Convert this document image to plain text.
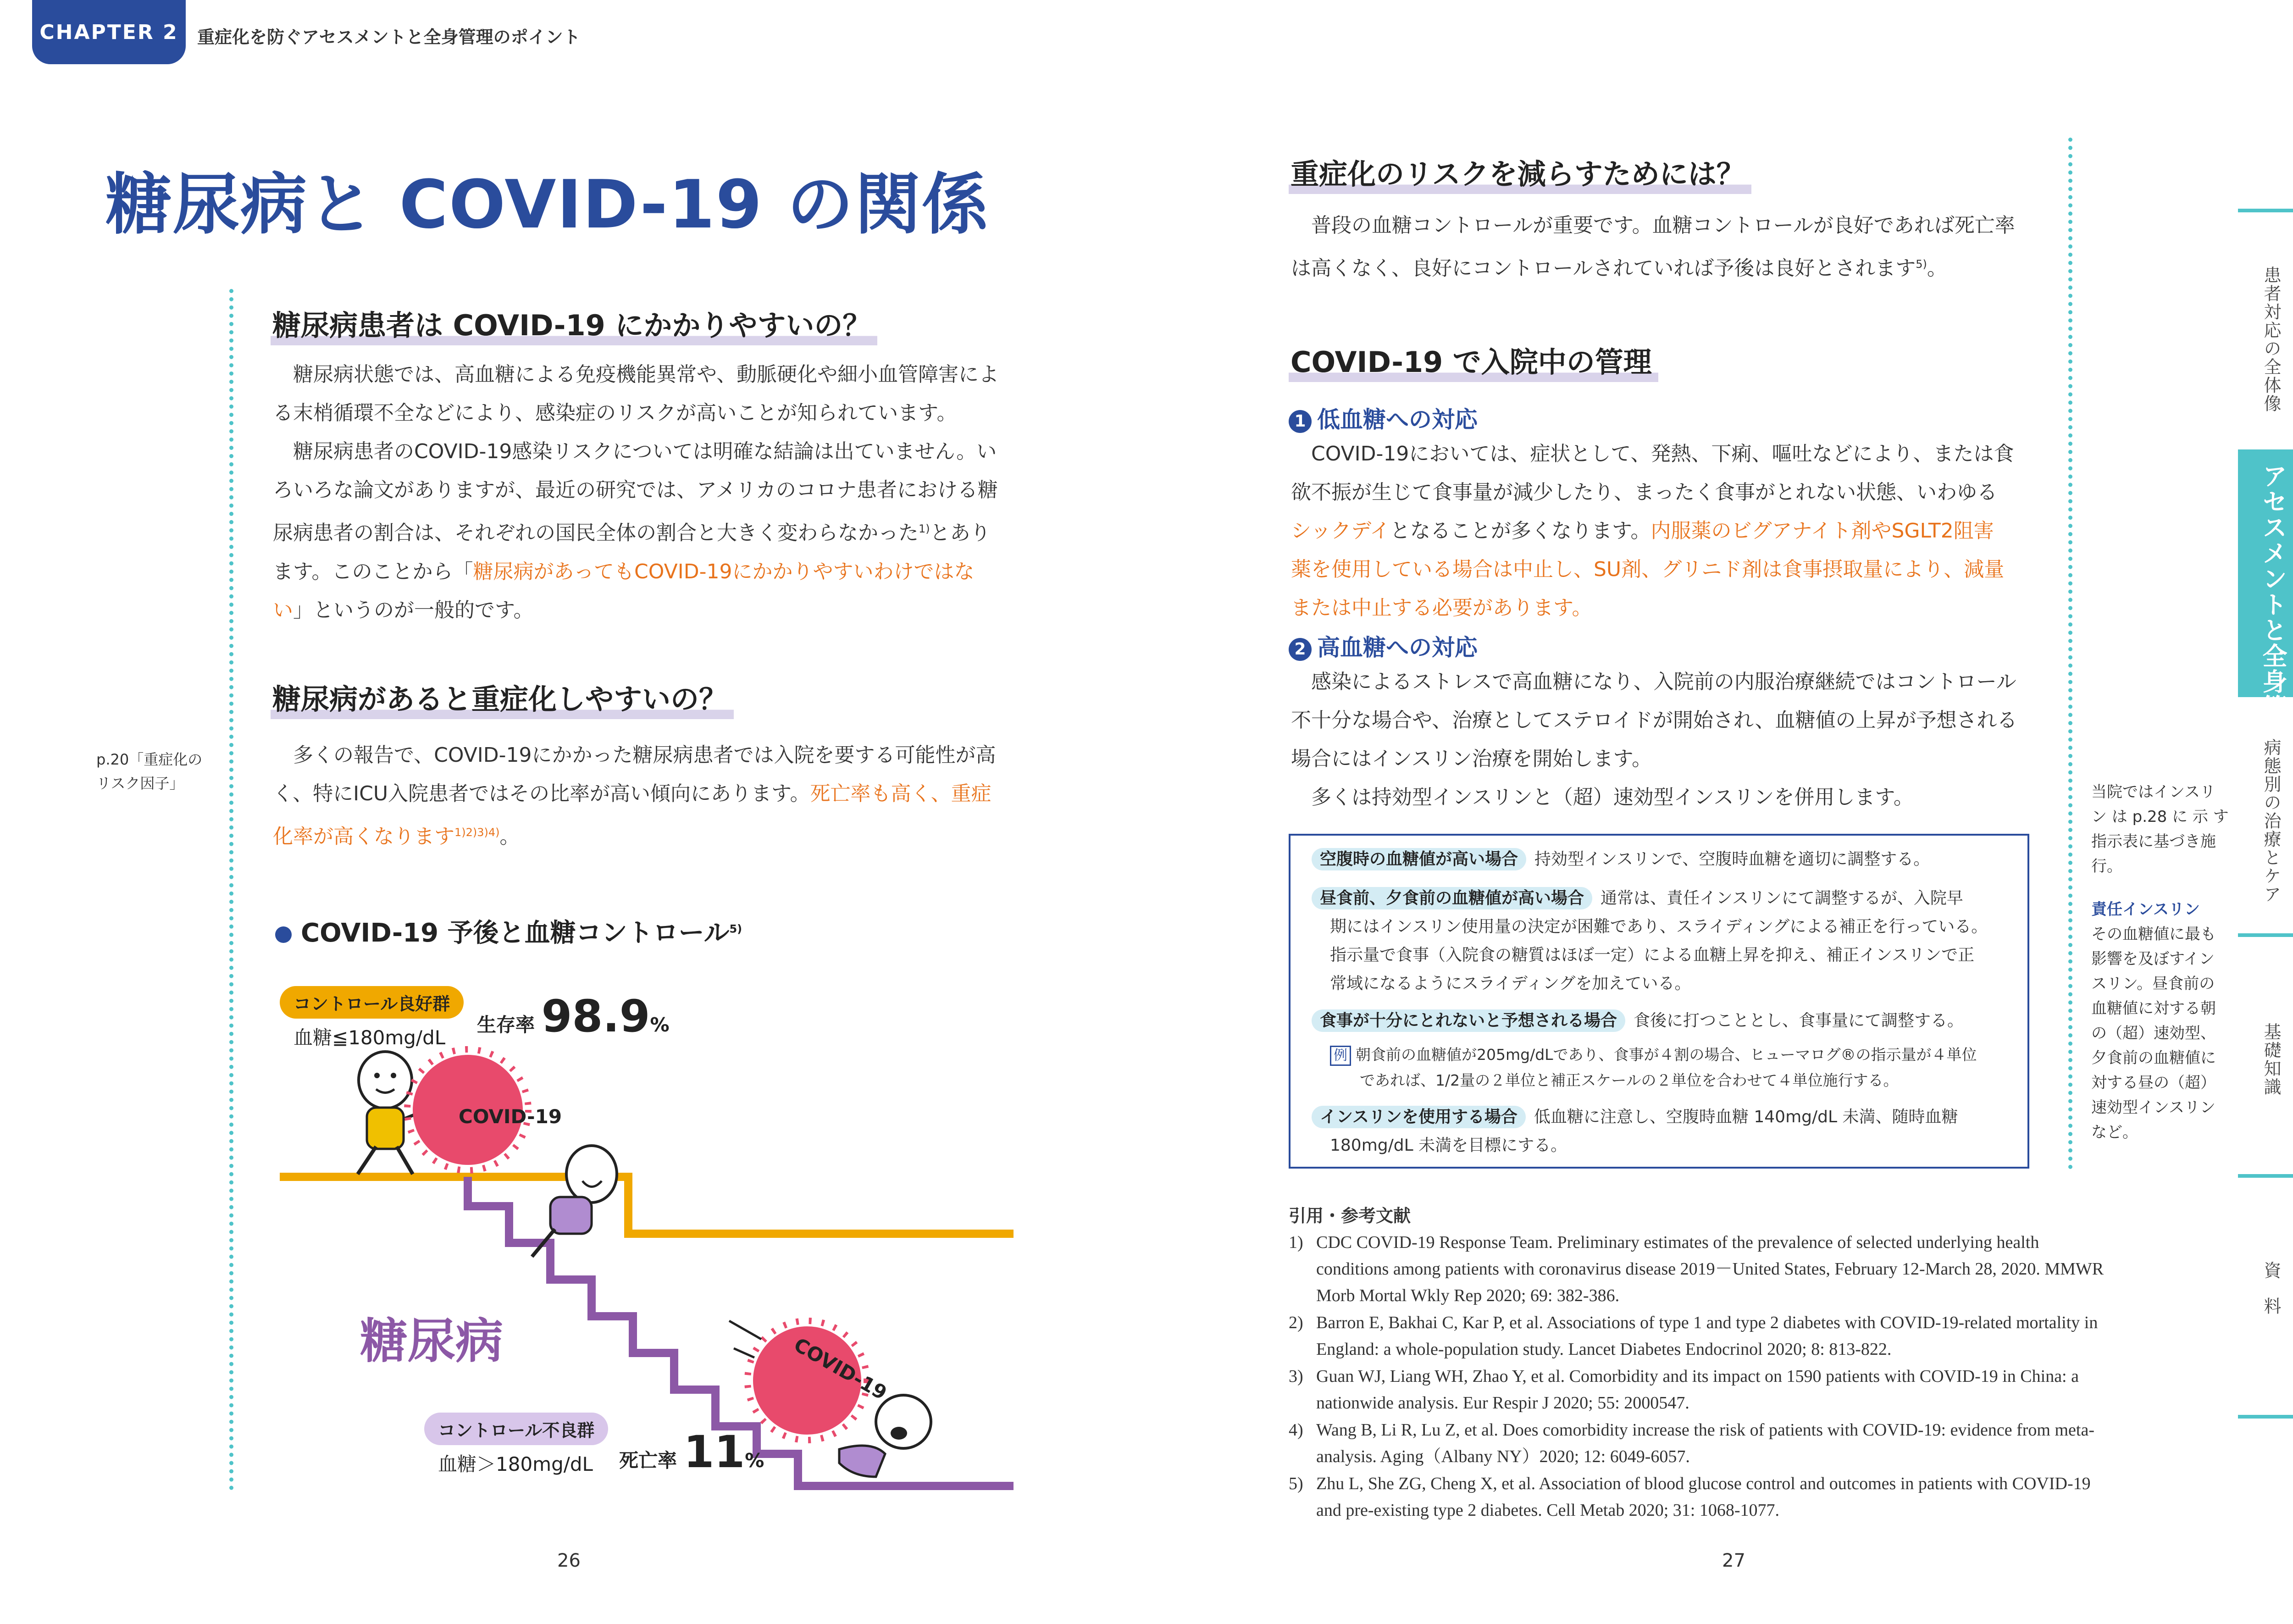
CHAPTER 2	重症化を防ぐアセスメントと全身管理のポイント
糖尿病と COVID-19 の関係
糖尿病患者は COVID-19 にかかりやすいの？
糖尿病状態では、高血糖による免疫機能異常や、動脈硬化や細小血管障害によ
る末梢循環不全などにより、感染症のリスクが高いことが知られています。
糖尿病患者のCOVID-19感染リスクについては明確な結論は出ていません。い
ろいろな論文がありますが、最近の研究では、アメリカのコロナ患者における糖
尿病患者の割合は、それぞれの国民全体の割合と大きく変わらなかった$^{1)}$とあり
ます。このことから「糖尿病があってもCOVID-19にかかりやすいわけではな
い」というのが一般的です。
糖尿病があると重症化しやすいの？
p.20「重症化のリスク因子」
多くの報告で、COVID-19にかかった糖尿病患者では入院を要する可能性が高
く、特にICU入院患者ではその比率が高い傾向にあります。死亡率も高く、重症
化率が高くなります$^{1)2)3)4)}$。
COVID-19 予後と血糖コントロール$^{5)}$
COVID-19
COVID-19
コントロール良好群
血糖≦180mg/dL
生存率 98.9%
糖尿病
コントロール不良群
血糖＞180mg/dL 死亡率 11%
26
重症化のリスクを減らすためには？
普段の血糖コントロールが重要です。血糖コントロールが良好であれば死亡率
は高くなく、良好にコントロールされていれば予後は良好とされます$^{5)}$。
COVID-19 で入院中の管理
1 低血糖への対応
COVID-19においては、症状として、発熱、下痢、嘔吐などにより、または食
欲不振が生じて食事量が減少したり、まったく食事がとれない状態、いわゆる
シックデイとなることが多くなります。内服薬のビグアナイト剤やSGLT2阻害
薬を使用している場合は中止し、SU剤、グリニド剤は食事摂取量により、減量
または中止する必要があります。
2 高血糖への対応
感染によるストレスで高血糖になり、入院前の内服治療継続ではコントロール
不十分な場合や、治療としてステロイドが開始され、血糖値の上昇が予想される
場合にはインスリン治療を開始します。
多くは持効型インスリンと（超）速効型インスリンを併用します。
空腹時の血糖値が高い場合 持効型インスリンで、空腹時血糖を適切に調整する。
昼食前、夕食前の血糖値が高い場合 通常は、責任インスリンにて調整するが、入院早
期にはインスリン使用量の決定が困難であり、スライディングによる補正を行っている。
指示量で食事（入院食の糖質はほぼ一定）による血糖上昇を抑え、補正インスリンで正
常域になるようにスライディングを加えている。
食事が十分にとれないと予想される場合 食後に打つこととし、食事量にて調整する。
例 朝食前の血糖値が205mg/dLであり、食事が４割の場合、ヒューマログ®の指示量が４単位
であれば、1/2量の２単位と補正スケールの２単位を合わせて４単位施行する。
インスリンを使用する場合 低血糖に注意し、空腹時血糖 140mg/dL 未満、随時血糖
180mg/dL 未満を目標にする。
引用・参考文献
1) CDC COVID-19 Response Team. Preliminary estimates of the prevalence of selected underlying health
conditions among patients with coronavirus disease 2019－United States, February 12-March 28, 2020. MMWR
Morb Mortal Wkly Rep 2020; 69: 382-386.
2) Barron E, Bakhai C, Kar P, et al. Associations of type 1 and type 2 diabetes with COVID-19-related mortality in
England: a whole-population study. Lancet Diabetes Endocrinol 2020; 8: 813-822.
3) Guan WJ, Liang WH, Zhao Y, et al. Comorbidity and its impact on 1590 patients with COVID-19 in China: a
nationwide analysis. Eur Respir J 2020; 55: 2000547.
4) Wang B, Li R, Lu Z, et al. Does comorbidity increase the risk of patients with COVID-19: evidence from meta-
analysis. Aging（Albany NY）2020; 12: 6049-6057.
5) Zhu L, She ZG, Cheng X, et al. Association of blood glucose control and outcomes in patients with COVID-19
and pre-existing type 2 diabetes. Cell Metab 2020; 31: 1068-1077.
27
当院ではインスリ
ン は p.28 に 示 す
指示表に基づき施
行。
責任インスリン
その血糖値に最も
影響を及ぼすイン
スリン。昼食前の
血糖値に対する朝
の（超）速効型、
夕食前の血糖値に
対する昼の（超）
速効型インスリン
など。
患者対応の全体像
アセスメントと全身管理
病態別の治療とケア
基礎知識
資料
